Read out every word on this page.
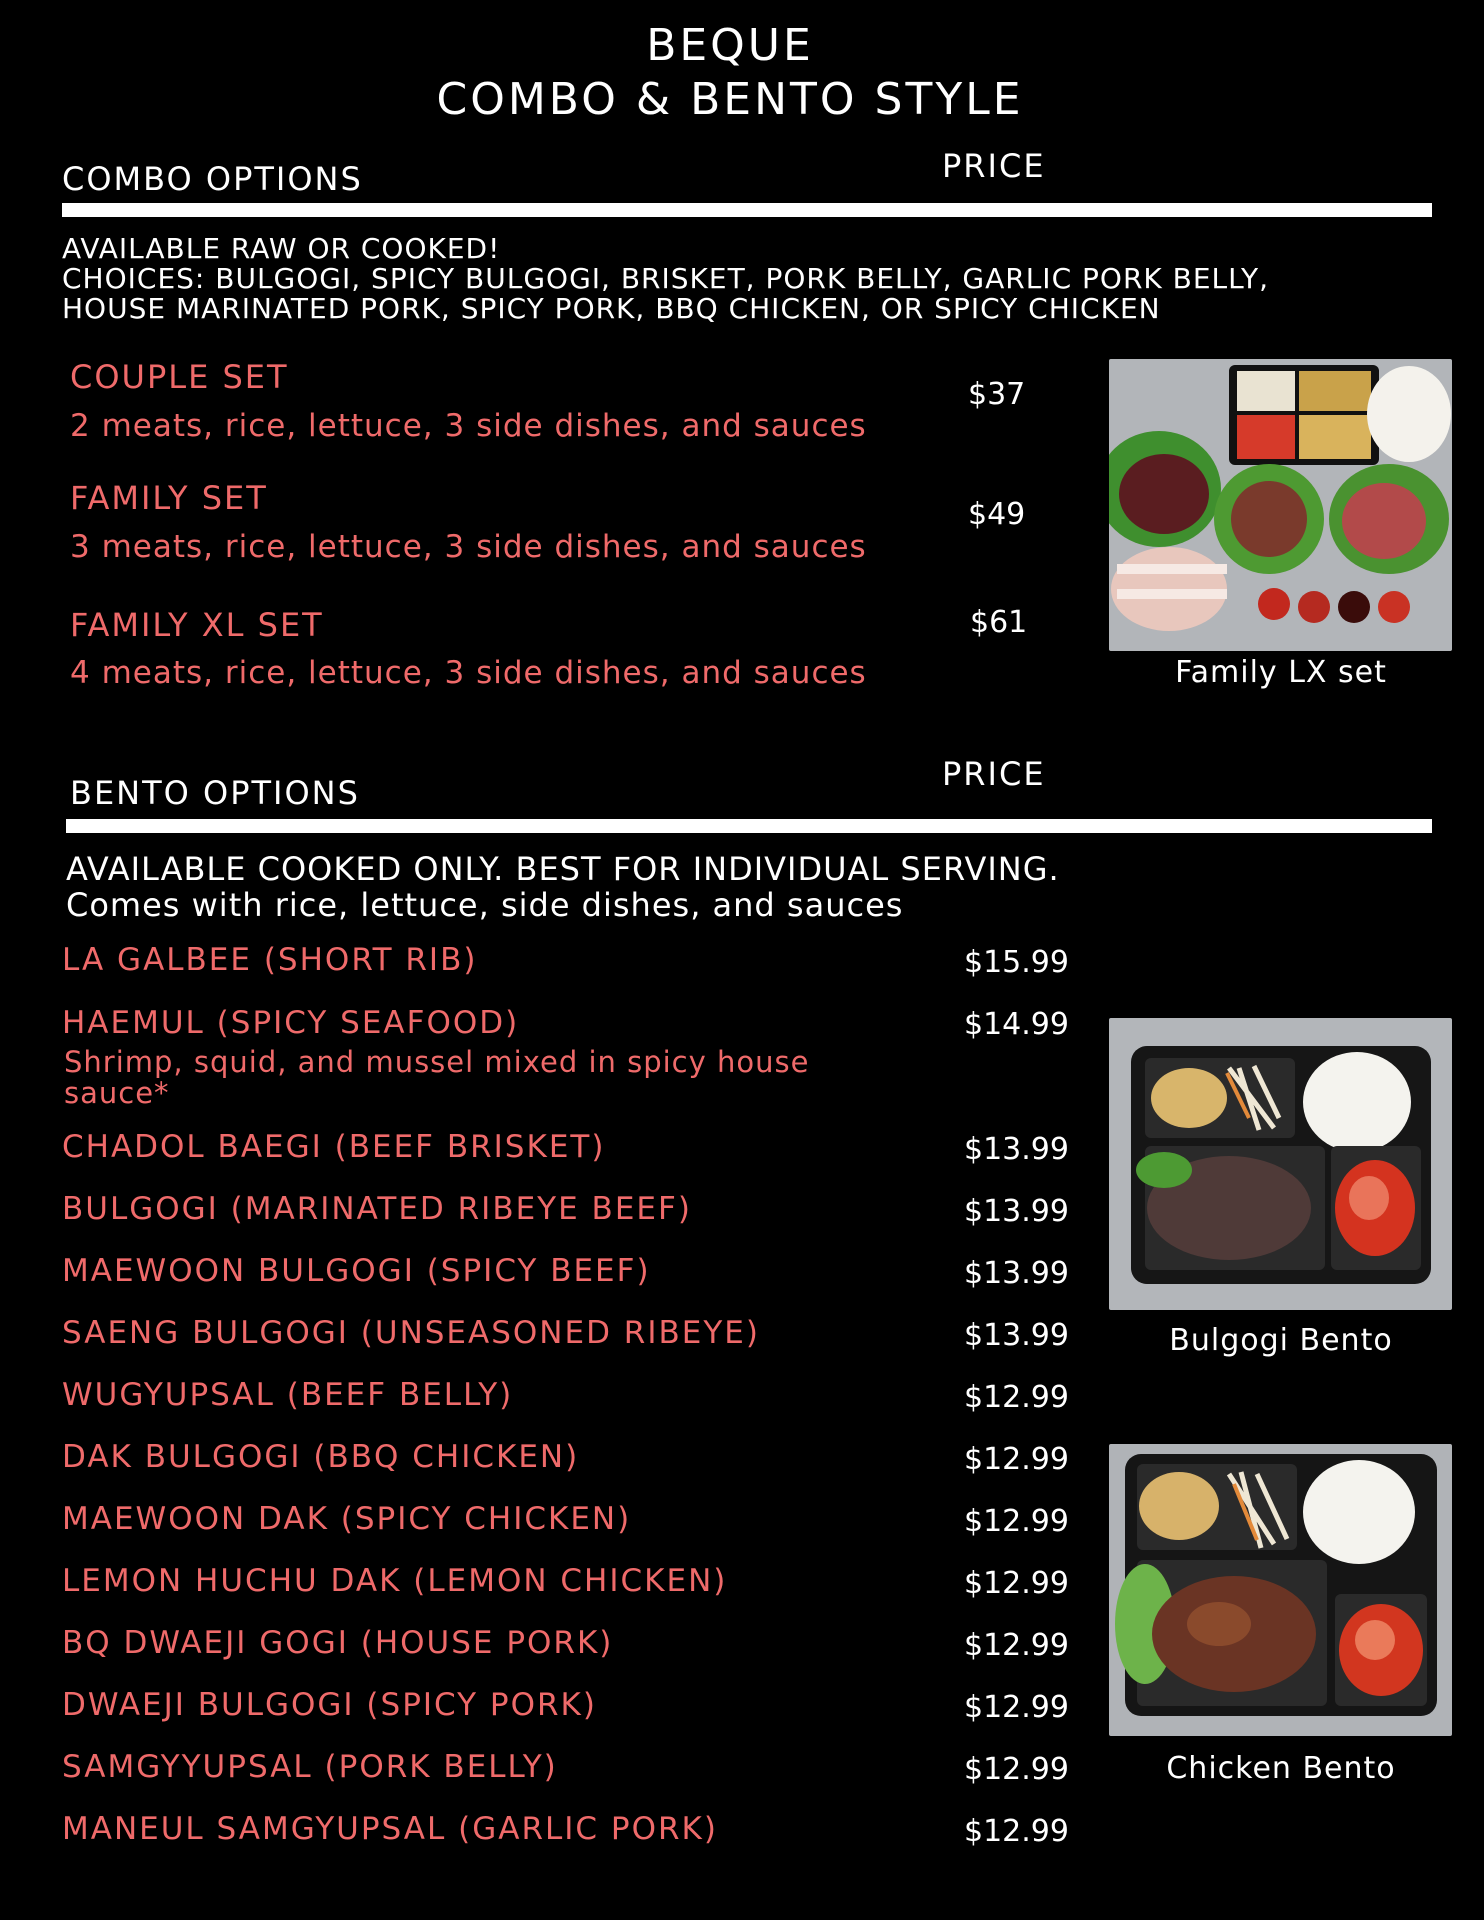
BEQUE
COMBO & BENTO STYLE
COMBO OPTIONS	PRICE
AVAILABLE RAW OR COOKED!
CHOICES: BULGOGI, SPICY BULGOGI, BRISKET, PORK BELLY, GARLIC PORK BELLY,
HOUSE MARINATED PORK, SPICY PORK, BBQ CHICKEN, OR SPICY CHICKEN
COUPLE SET
2 meats, rice, lettuce, 3 side dishes, and sauces
$37
FAMILY SET
3 meats, rice, lettuce, 3 side dishes, and sauces
$49
FAMILY XL SET
4 meats, rice, lettuce, 3 side dishes, and sauces
$61
Family LX set
BENTO OPTIONS	PRICE
AVAILABLE COOKED ONLY. BEST FOR INDIVIDUAL SERVING.
Comes with rice, lettuce, side dishes, and sauces
LA GALBEE (SHORT RIB)	$15.99
HAEMUL (SPICY SEAFOOD)	$14.99
Shrimp, squid, and mussel mixed in spicy house
sauce*
CHADOL BAEGI (BEEF BRISKET)	$13.99
BULGOGI (MARINATED RIBEYE BEEF)	$13.99
MAEWOON BULGOGI (SPICY BEEF)	$13.99
SAENG BULGOGI (UNSEASONED RIBEYE)	$13.99
WUGYUPSAL (BEEF BELLY)	$12.99
DAK BULGOGI (BBQ CHICKEN)	$12.99
MAEWOON DAK (SPICY CHICKEN)	$12.99
LEMON HUCHU DAK (LEMON CHICKEN)	$12.99
BQ DWAEJI GOGI (HOUSE PORK)	$12.99
DWAEJI BULGOGI (SPICY PORK)	$12.99
SAMGYYUPSAL (PORK BELLY)	$12.99
MANEUL SAMGYUPSAL (GARLIC PORK)	$12.99
Bulgogi Bento
Chicken Bento
